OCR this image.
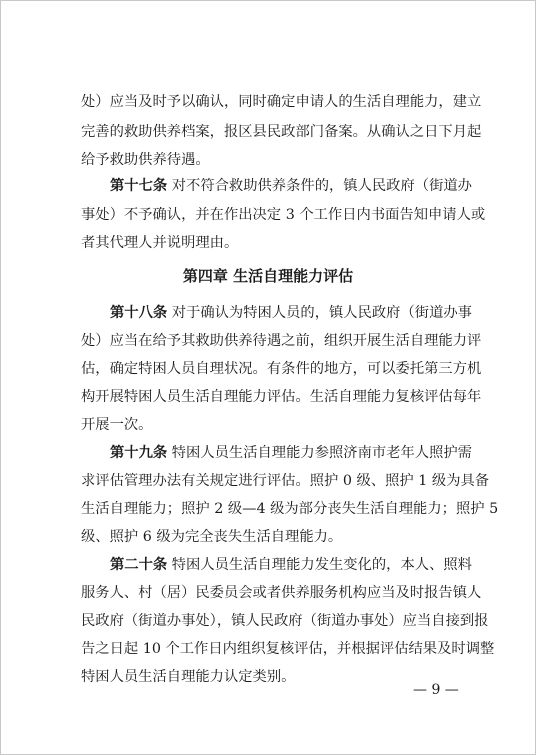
处）应当及时予以确认，同时确定申请人的生活自理能力，建立
完善的救助供养档案，报区县民政部门备案。从确认之日下月起
给予救助供养待遇。
第十七条 对不符合救助供养条件的，镇人民政府（街道办
事处）不予确认，并在作出决定 3 个工作日内书面告知申请人或
者其代理人并说明理由。
第四章 生活自理能力评估
第十八条 对于确认为特困人员的，镇人民政府（街道办事
处）应当在给予其救助供养待遇之前，组织开展生活自理能力评
估，确定特困人员自理状况。有条件的地方，可以委托第三方机
构开展特困人员生活自理能力评估。生活自理能力复核评估每年
开展一次。
第十九条 特困人员生活自理能力参照济南市老年人照护需
求评估管理办法有关规定进行评估。照护 0 级、照护 1 级为具备
生活自理能力；照护 2 级—4 级为部分丧失生活自理能力；照护 5
级、照护 6 级为完全丧失生活自理能力。
第二十条 特困人员生活自理能力发生变化的，本人、照料
服务人、村（居）民委员会或者供养服务机构应当及时报告镇人
民政府（街道办事处），镇人民政府（街道办事处）应当自接到报
告之日起 10 个工作日内组织复核评估，并根据评估结果及时调整
特困人员生活自理能力认定类别。
— 9 —
